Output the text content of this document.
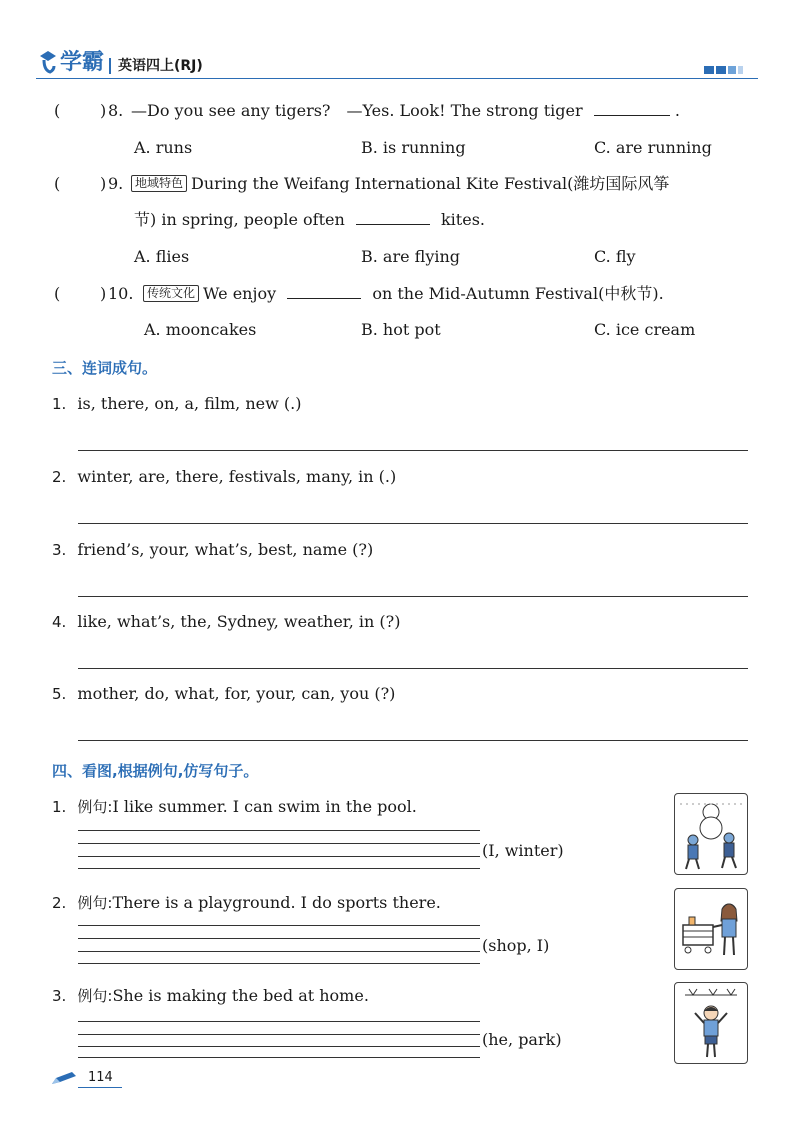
学霸 英语四上(RJ)
( ) 8. —Do you see any tigers?　—Yes. Look! The strong tiger	.
A. runs	B. is running	C. are running
( ) 9. 地域特色 During the Weifang International Kite Festival(潍坊国际风筝
节) in spring, people often	kites.
A. flies	B. are flying	C. fly
( ) 10.	传统文化 We enjoy	on the Mid-Autumn Festival(中秋节).
A. mooncakes	B. hot pot	C. ice cream
三、连词成句。
1. is, there, on, a, film, new (.)
2. winter, are, there, festivals, many, in (.)
3. friend’s, your, what’s, best, name (?)
4. like, what’s, the, Sydney, weather, in (?)
5. mother, do, what, for, your, can, you (?)
四、看图,根据例句,仿写句子。
1. 例句:I like summer. I can swim in the pool.
(I, winter)
2. 例句:There is a playground. I do sports there.
(shop, I)
3. 例句:She is making the bed at home.
(he, park)
114
